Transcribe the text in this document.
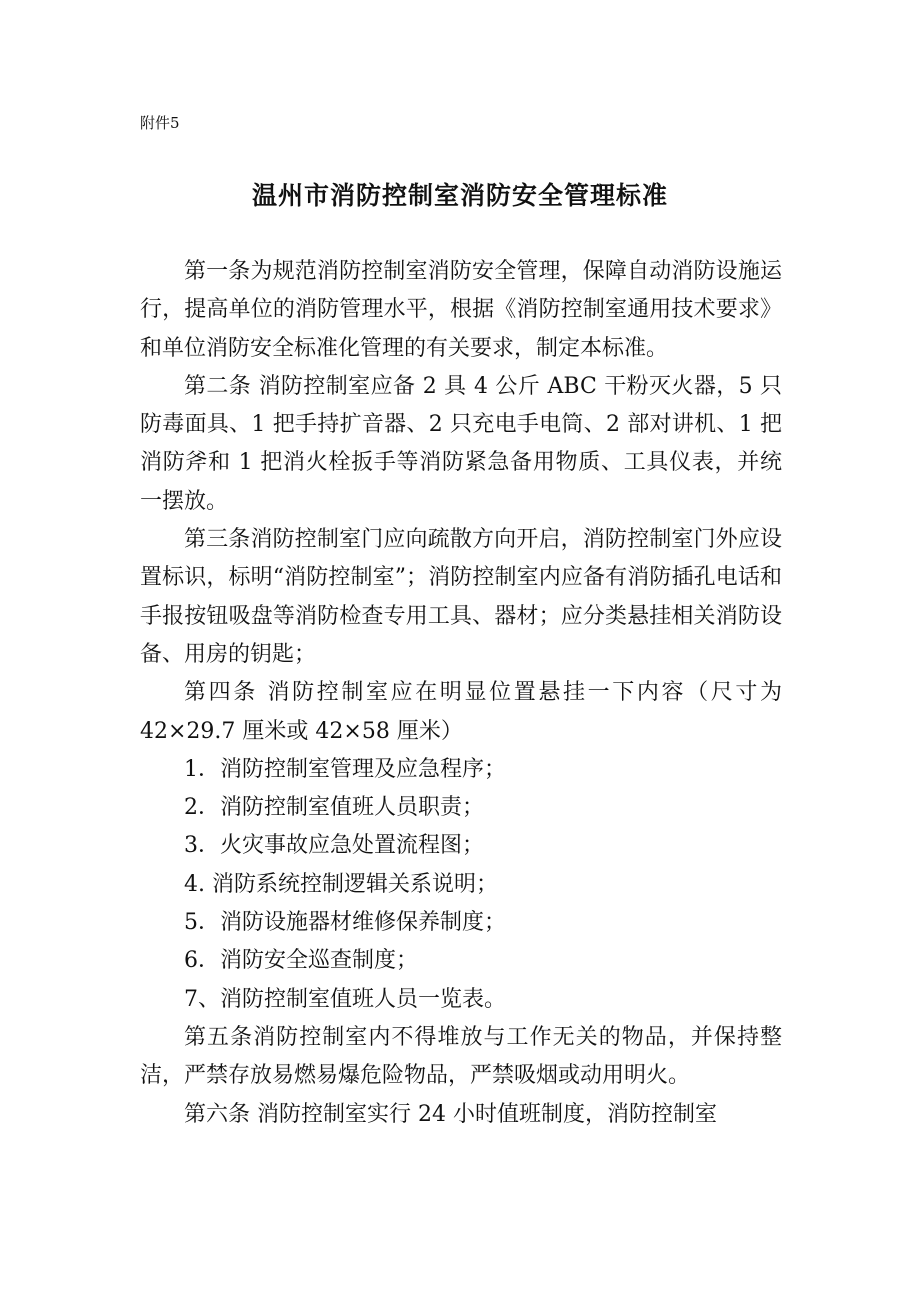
附件5
温州市消防控制室消防安全管理标准

第一条为规范消防控制室消防安全管理，保障自动消防设施运行，提高单位的消防管理水平，根据《消防控制室通用技术要求》和单位消防安全标准化管理的有关要求，制定本标准。

第二条 消防控制室应备 2 具 4 公斤 ABC 干粉灭火器，5 只防毒面具、1 把手持扩音器、2 只充电手电筒、2 部对讲机、1 把消防斧和 1 把消火栓扳手等消防紧急备用物质、工具仪表，并统一摆放。

第三条消防控制室门应向疏散方向开启，消防控制室门外应设置标识，标明“消防控制室”；消防控制室内应备有消防插孔电话和手报按钮吸盘等消防检查专用工具、器材；应分类悬挂相关消防设备、用房的钥匙；

第四条 消防控制室应在明显位置悬挂一下内容（尺寸为 42×29.7 厘米或 42×58 厘米）

1．消防控制室管理及应急程序；

2．消防控制室值班人员职责；

3．火灾事故应急处置流程图；

4. 消防系统控制逻辑关系说明；

5．消防设施器材维修保养制度；

6．消防安全巡查制度；

7、消防控制室值班人员一览表。

第五条消防控制室内不得堆放与工作无关的物品，并保持整洁，严禁存放易燃易爆危险物品，严禁吸烟或动用明火。

第六条 消防控制室实行 24 小时值班制度，消防控制室
